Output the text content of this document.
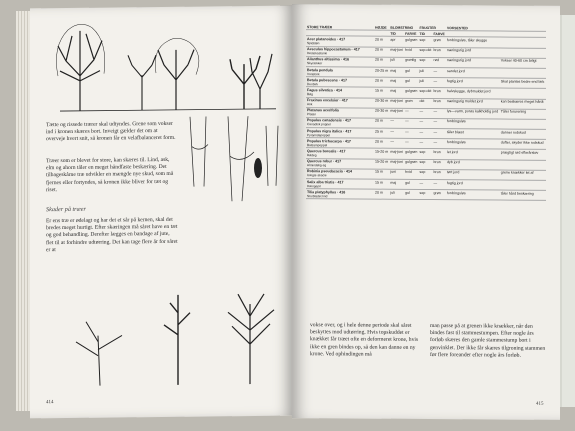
Tætte og rissede trærer skal udtyndes. Grene som vokser ind i kronen skæres bort. Inveigt gælder det om at overveje hvert snit, så kronen får en velafbalanceret form.
Træer som er blevet for store, kan skæres til. Lind, ask, elm og ahorn tåler en meget håndfaste beskæring. Det tilbageskårne træ udvikler en mængde nye skud, som må fjernes eller fortyndes, så kronen ikke bliver for tæt og riset.
Skader på træer
Er ens træ er ødelagt og har det et sår på kernen, skal det bredes meget hurtigt. Efter skæringen må såret have en tæt og god behandling. Derefter lægges en bandage af jute, flet til at forhindre udtørring. Det kan tage flere år for såret er at
414
STORE TRÆER	HØJDE	BLOMSTRING		FRUGTER		VOKSESTED	
		TID	FARVE	TID	FARVE		
Acer platanoides · 417
Spidsløn	20 m	apr	gulgrøn	sep	grøn	fordringsløs, tåler skygge	
Aesculus hippocastanum · 417
Hestekastanie	20 m	maj-juni	hvid	sep-okt	brun	næringsrig jord	
Ailanthus altissima · 416
Skyrækker	20 m	juli	grønlig	sep	rød	næringsrig jord	Vokser 40-60 cm årligt
Betula pendula
Vortebirk	20-25 m	maj	gul	juli	—	sandet jord	
Betula pubescens · 417
Dunbirk	20 m	maj	gul	juli	—	fugtig jord	Skal plantes bedre end birk
Fagus silvatica · 414
Bøg	15 m	maj	gulgrøn	sep-okt	brun	halvskygge, dybmuldet jord	
Fraxinus excelsior · 417
Ask	20-30 m	maj-juni	grøn	okt	brun	næringsrig muldet jord	kan beskæres meget hårdt
Platanus acerifolia
Platan	20-30 m	maj-juni	—	—	—	lys—varm, porøs kalkholdig jord	Tåler forurening
Populus canadensis · 417
Canadisk poppel	20 m	—	—	—	—	fordringsløs	
Populus nigra italica · 417
Pyramidepoppel	25 m	—	—	—	—	tåler blæst	danner rodskud
Populus trichocarpa · 417
Balsampoppel	20 m	—	—	—	—	fordringsløs	dufter, skyder ikke rodskud
Quercus borealis · 417
Rødeg	15-20 m	maj-juni	gulgrøn	sep	brun	let jord	prægtigt rød efterårsløv
Quercus robur · 417
Almindelig eg	15-20 m	maj-juni	gulgrøn	sep	brun	dyb jord	
Robinia pseudacacia · 414
Uægte akacie	15 m	juni	hvid	sep	brun	tørt jord	grene knækker let af
Salix alba tristis · 417
Hængepil	15 m	maj	gul	—	—	fugtig jord	
Tilia platyphyllos · 416
Storbladet lind	20 m	juli	gul	sep	grøn	fordringsløs	tåler hård beskæring
vokse over, og i hele denne periode skal såret beskyttes mod udtørring. Hvis topskuddet er knækket får træet ofte en deformeret krone, hvis ikke en gren bindes op, så den kan danne en ny krone. Ved ophindingen må
man passe på at grenen ikke knækker, når den bindes fast til stammestumpen. Efter nogle års forløb skæres den gamle stammestump bort i genvinklet. Der ikke får skæres tilgroning stammen før flere foreander efter nogle års forløb.
415
